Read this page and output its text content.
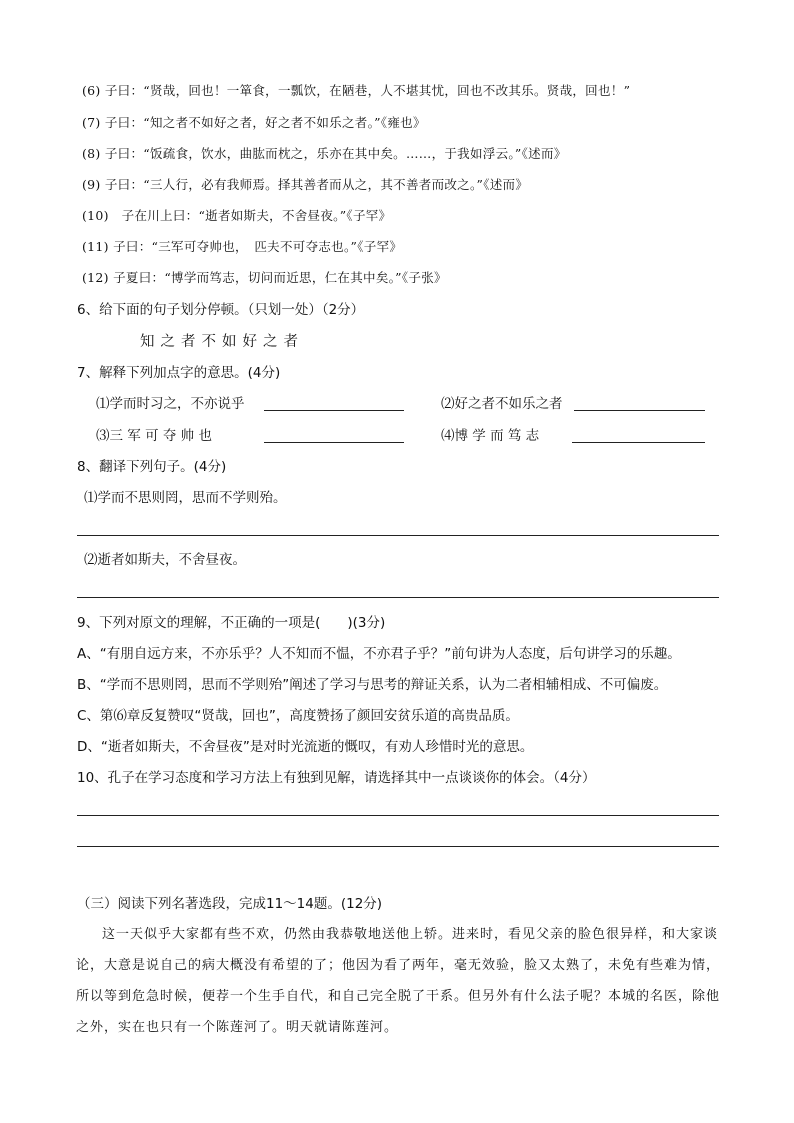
(6) 子曰：“贤哉，回也！一箪食，一瓢饮，在陋巷，人不堪其忧，回也不改其乐。贤哉，回也！”
(7) 子曰：“知之者不如好之者，好之者不如乐之者。”《雍也》
(8) 子曰：“饭疏食，饮水，曲肱而枕之，乐亦在其中矣。……，于我如浮云。”《述而》
(9) 子曰：“三人行，必有我师焉。择其善者而从之，其不善者而改之。”《述而》
(10)　子在川上曰：“逝者如斯夫，不舍昼夜。”《子罕》
(11) 子曰：“三军可夺帅也，　匹夫不可夺志也。”《子罕》
(12) 子夏曰：“博学而笃志，切问而近思，仁在其中矣。”《子张》
6、给下面的句子划分停顿。（只划一处）（2分）
知之者不如好之者
7、解释下列加点字的意思。(4分)
⑴学而时习之，不亦说乎	⑵好之者不如乐之者
⑶三 军 可 夺 帅 也	⑷博 学 而 笃 志
8、翻译下列句子。(4分)
⑴学而不思则罔，思而不学则殆。
⑵逝者如斯夫，不舍昼夜。
9、下列对原文的理解，不正确的一项是(　　)(3分)
A、“有朋自远方来，不亦乐乎？人不知而不愠，不亦君子乎？”前句讲为人态度，后句讲学习的乐趣。
B、“学而不思则罔，思而不学则殆”阐述了学习与思考的辩证关系，认为二者相辅相成、不可偏废。
C、第⑹章反复赞叹“贤哉，回也”，高度赞扬了颜回安贫乐道的高贵品质。
D、“逝者如斯夫，不舍昼夜”是对时光流逝的慨叹，有劝人珍惜时光的意思。
10、孔子在学习态度和学习方法上有独到见解，请选择其中一点谈谈你的体会。（4分）
（三）阅读下列名著选段，完成11～14题。(12分)
这一天似乎大家都有些不欢，仍然由我恭敬地送他上轿。进来时，看见父亲的脸色很异样，和大家谈论，大意是说自己的病大概没有希望的了；他因为看了两年，毫无效验，脸又太熟了，未免有些难为情，所以等到危急时候，便荐一个生手自代，和自己完全脱了干系。但另外有什么法子呢？本城的名医，除他之外，实在也只有一个陈莲河了。明天就请陈莲河。
